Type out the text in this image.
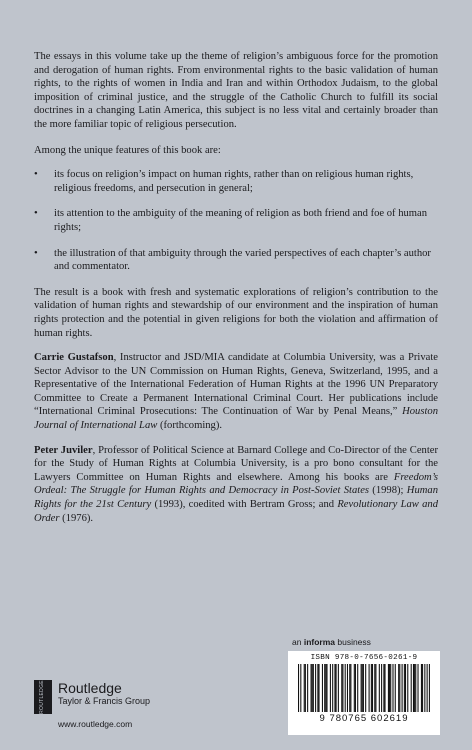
The essays in this volume take up the theme of religion’s ambiguous force for the promotion and derogation of human rights. From environmental rights to the basic validation of human rights, to the rights of women in India and Iran and within Orthodox Judaism, to the global imposition of criminal justice, and the struggle of the Catholic Church to fulfill its social doctrines in a changing Latin America, this subject is no less vital and certainly broader than the more familiar topic of religious persecution.

Among the unique features of this book are:

• its focus on religion’s impact on human rights, rather than on religious human rights, religious freedoms, and persecution in general;
• its attention to the ambiguity of the meaning of religion as both friend and foe of human rights;
• the illustration of that ambiguity through the varied perspectives of each chapter’s author and commentator.

The result is a book with fresh and systematic explorations of religion’s contribution to the validation of human rights and stewardship of our environment and the inspiration of human rights protection and the potential in given religions for both the violation and affirmation of human rights.

Carrie Gustafson, Instructor and JSD/MIA candidate at Columbia University, was a Private Sector Advisor to the UN Commission on Human Rights, Geneva, Switzerland, 1995, and a Representative of the International Federation of Human Rights at the 1996 UN Preparatory Committee to Create a Permanent International Criminal Court. Her publications include “International Criminal Prosecutions: The Continuation of War by Penal Means,” Houston Journal of International Law (forthcoming).

Peter Juviler, Professor of Political Science at Barnard College and Co-Director of the Center for the Study of Human Rights at Columbia University, is a pro bono consultant for the Lawyers Committee on Human Rights and elsewhere. Among his books are Freedom’s Ordeal: The Struggle for Human Rights and Democracy in Post-Soviet States (1998); Human Rights for the 21st Century (1993), coedited with Bertram Gross; and Revolutionary Law and Order (1976).

an informa business
ISBN 978-0-7656-0261-9
9 780765 602619
ROUTLEDGE Routledge
Taylor & Francis Group
www.routledge.com
